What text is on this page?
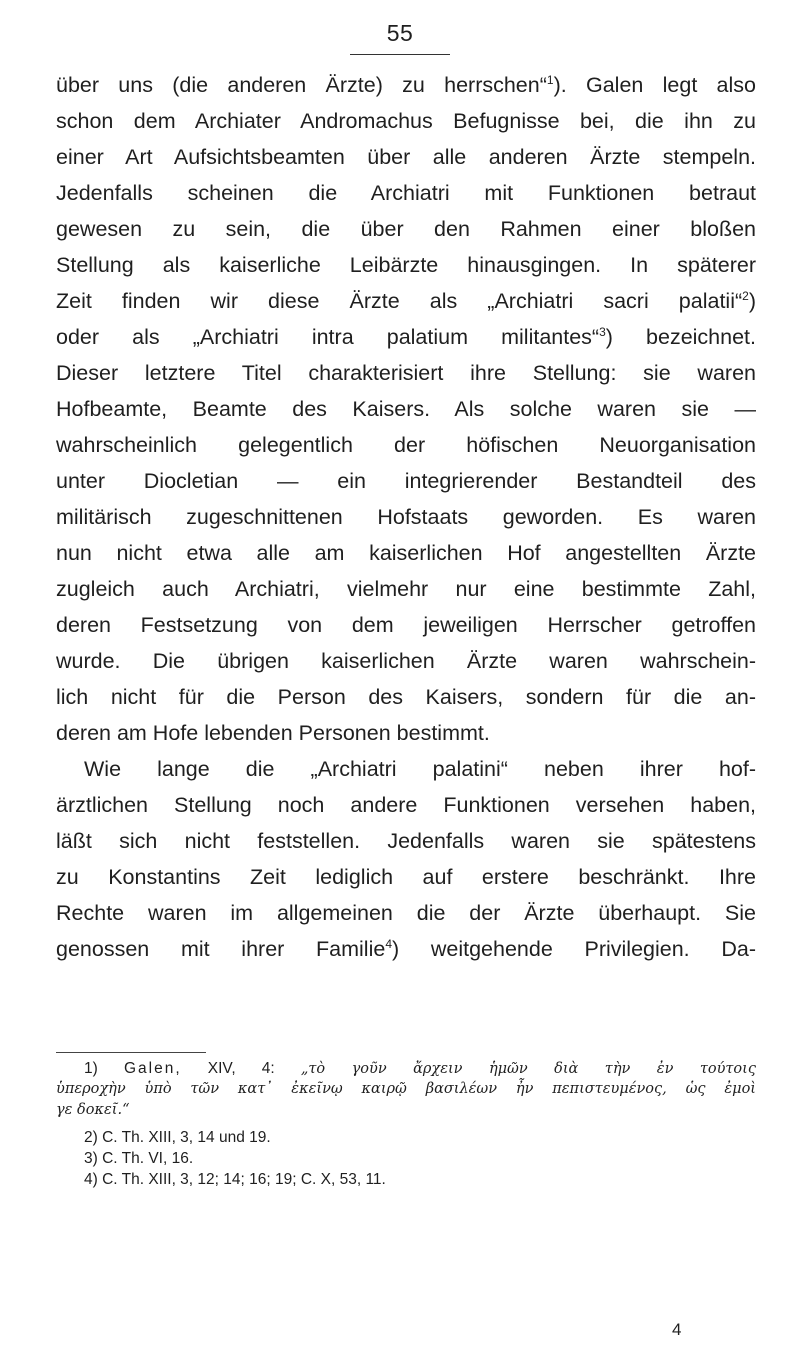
55
über uns (die anderen Ärzte) zu herrschen“$^1$). Galen legt also
schon dem Archiater Andromachus Befugnisse bei, die ihn zu
einer Art Aufsichtsbeamten über alle anderen Ärzte stempeln.
Jedenfalls scheinen die Archiatri mit Funktionen betraut
gewesen zu sein, die über den Rahmen einer bloßen
Stellung als kaiserliche Leibärzte hinausgingen. In späterer
Zeit finden wir diese Ärzte als „Archiatri sacri palatii“$^2$)
oder als „Archiatri intra palatium militantes“$^3$) bezeichnet.
Dieser letztere Titel charakterisiert ihre Stellung: sie waren
Hofbeamte, Beamte des Kaisers. Als solche waren sie —
wahrscheinlich gelegentlich der höfischen Neuorganisation
unter Diocletian — ein integrierender Bestandteil des
militärisch zugeschnittenen Hofstaats geworden. Es waren
nun nicht etwa alle am kaiserlichen Hof angestellten Ärzte
zugleich auch Archiatri, vielmehr nur eine bestimmte Zahl,
deren Festsetzung von dem jeweiligen Herrscher getroffen
wurde. Die übrigen kaiserlichen Ärzte waren wahrschein-
lich nicht für die Person des Kaisers, sondern für die an-
deren am Hofe lebenden Personen bestimmt.
Wie lange die „Archiatri palatini“ neben ihrer hof-
ärztlichen Stellung noch andere Funktionen versehen haben,
läßt sich nicht feststellen. Jedenfalls waren sie spätestens
zu Konstantins Zeit lediglich auf erstere beschränkt. Ihre
Rechte waren im allgemeinen die der Ärzte überhaupt. Sie
genossen mit ihrer Familie$^4$) weitgehende Privilegien. Da-
1) Galen, XIV, 4: „τὸ γοῦν ἄρχειν ἡμῶν διὰ τὴν ἐν τούτοις
ὑπεροχὴν ὑπὸ τῶν κατ᾽ ἐκεῖνῳ καιρῷ βασιλέων ἦν πεπιστευμένος, ὡς ἐμοὶ
γε δοκεῖ.“
2) C. Th. XIII, 3, 14 und 19.
3) C. Th. VI, 16.
4) C. Th. XIII, 3, 12; 14; 16; 19; C. X, 53, 11.
4
